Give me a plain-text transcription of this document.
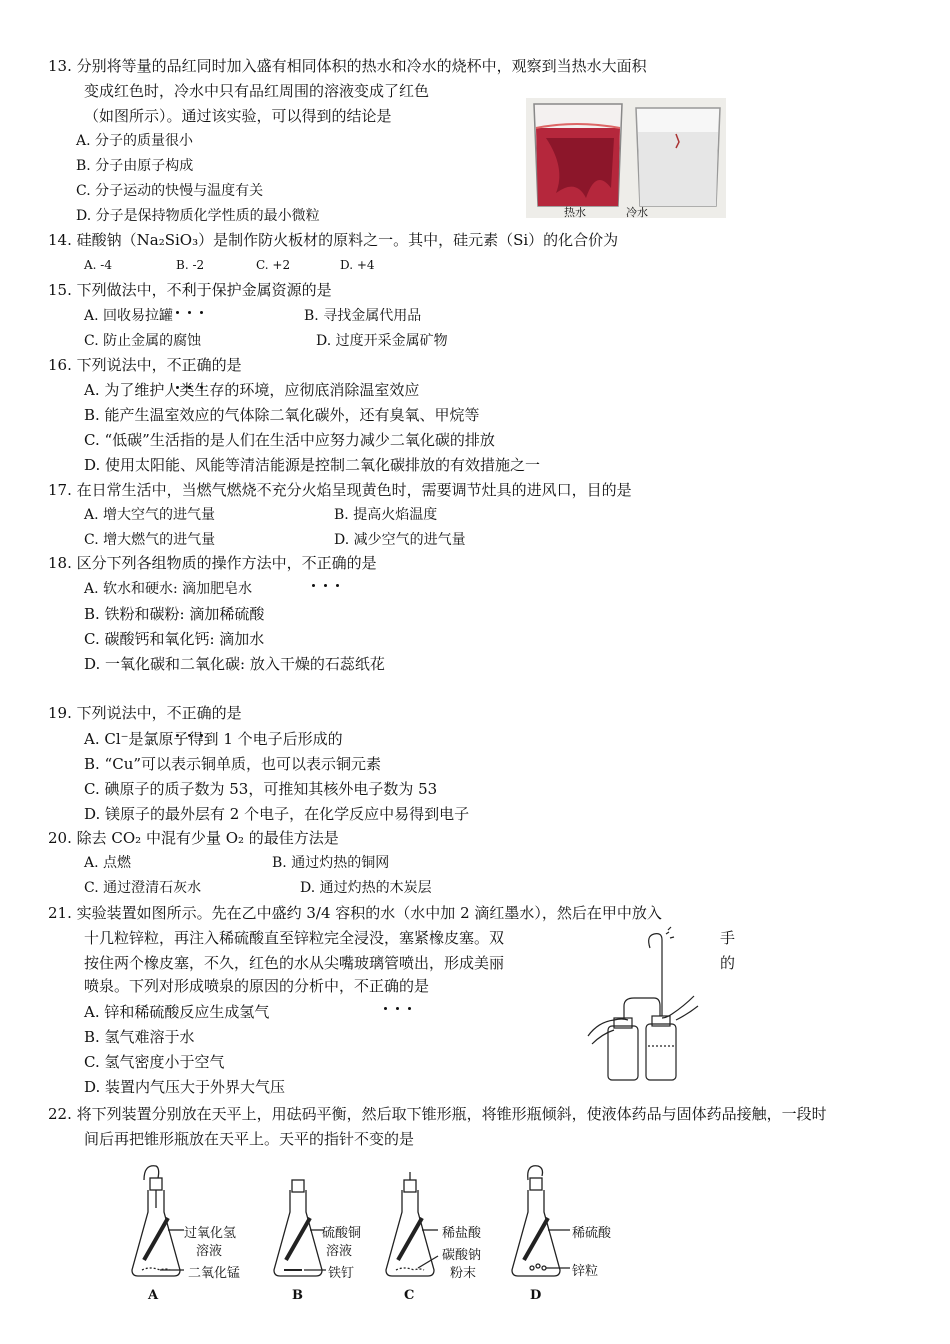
13. 分别将等量的品红同时加入盛有相同体积的热水和冷水的烧杯中，观察到当热水大面积
变成红色时，冷水中只有品红周围的溶液变成了红色
（如图所示）。通过该实验，可以得到的结论是
A. 分子的质量很小
B. 分子由原子构成
C. 分子运动的快慢与温度有关
D. 分子是保持物质化学性质的最小微粒	热水	冷水
14. 硅酸钠（Na₂SiO₃）是制作防火板材的原料之一。其中，硅元素（Si）的化合价为
A. -4	B. -2	C. +2	D. +4
15. 下列做法中，不利于保护金属资源的是
A. 回收易拉罐	B. 寻找金属代用品
C. 防止金属的腐蚀	D. 过度开采金属矿物
16. 下列说法中，不正确的是
A. 为了维护人类生存的环境，应彻底消除温室效应
B. 能产生温室效应的气体除二氧化碳外，还有臭氧、甲烷等
C. “低碳”生活指的是人们在生活中应努力减少二氧化碳的排放
D. 使用太阳能、风能等清洁能源是控制二氧化碳排放的有效措施之一
17. 在日常生活中，当燃气燃烧不充分火焰呈现黄色时，需要调节灶具的进风口，目的是
A. 增大空气的进气量	B. 提高火焰温度
C. 增大燃气的进气量	D. 减少空气的进气量
18. 区分下列各组物质的操作方法中，不正确的是
A. 软水和硬水: 滴加肥皂水
B. 铁粉和碳粉: 滴加稀硫酸
C. 碳酸钙和氧化钙: 滴加水
D. 一氧化碳和二氧化碳: 放入干燥的石蕊纸花
19. 下列说法中，不正确的是
A. Cl⁻是氯原子得到 1 个电子后形成的
B. “Cu”可以表示铜单质，也可以表示铜元素
C. 碘原子的质子数为 53，可推知其核外电子数为 53
D. 镁原子的最外层有 2 个电子，在化学反应中易得到电子
20. 除去 CO₂ 中混有少量 O₂ 的最佳方法是
A. 点燃	B. 通过灼热的铜网
C. 通过澄清石灰水	D. 通过灼热的木炭层
21. 实验装置如图所示。先在乙中盛约 3/4 容积的水（水中加 2 滴红墨水），然后在甲中放入
十几粒锌粒，再注入稀硫酸直至锌粒完全浸没，塞紧橡皮塞。双	手
按住两个橡皮塞，不久，红色的水从尖嘴玻璃管喷出，形成美丽	的
喷泉。下列对形成喷泉的原因的分析中，不正确的是
A. 锌和稀硫酸反应生成氢气
B. 氢气难溶于水
C. 氢气密度小于空气
D. 装置内气压大于外界大气压
22. 将下列装置分别放在天平上，用砝码平衡，然后取下锥形瓶，将锥形瓶倾斜，使液体药品与固体药品接触，一段时
间后再把锥形瓶放在天平上。天平的指针不变的是
过氧化氢
溶液
二氧化锰
A
硫酸铜
溶液
铁钉
B
稀盐酸
碳酸钠
粉末
C
稀硫酸
锌粒
D
